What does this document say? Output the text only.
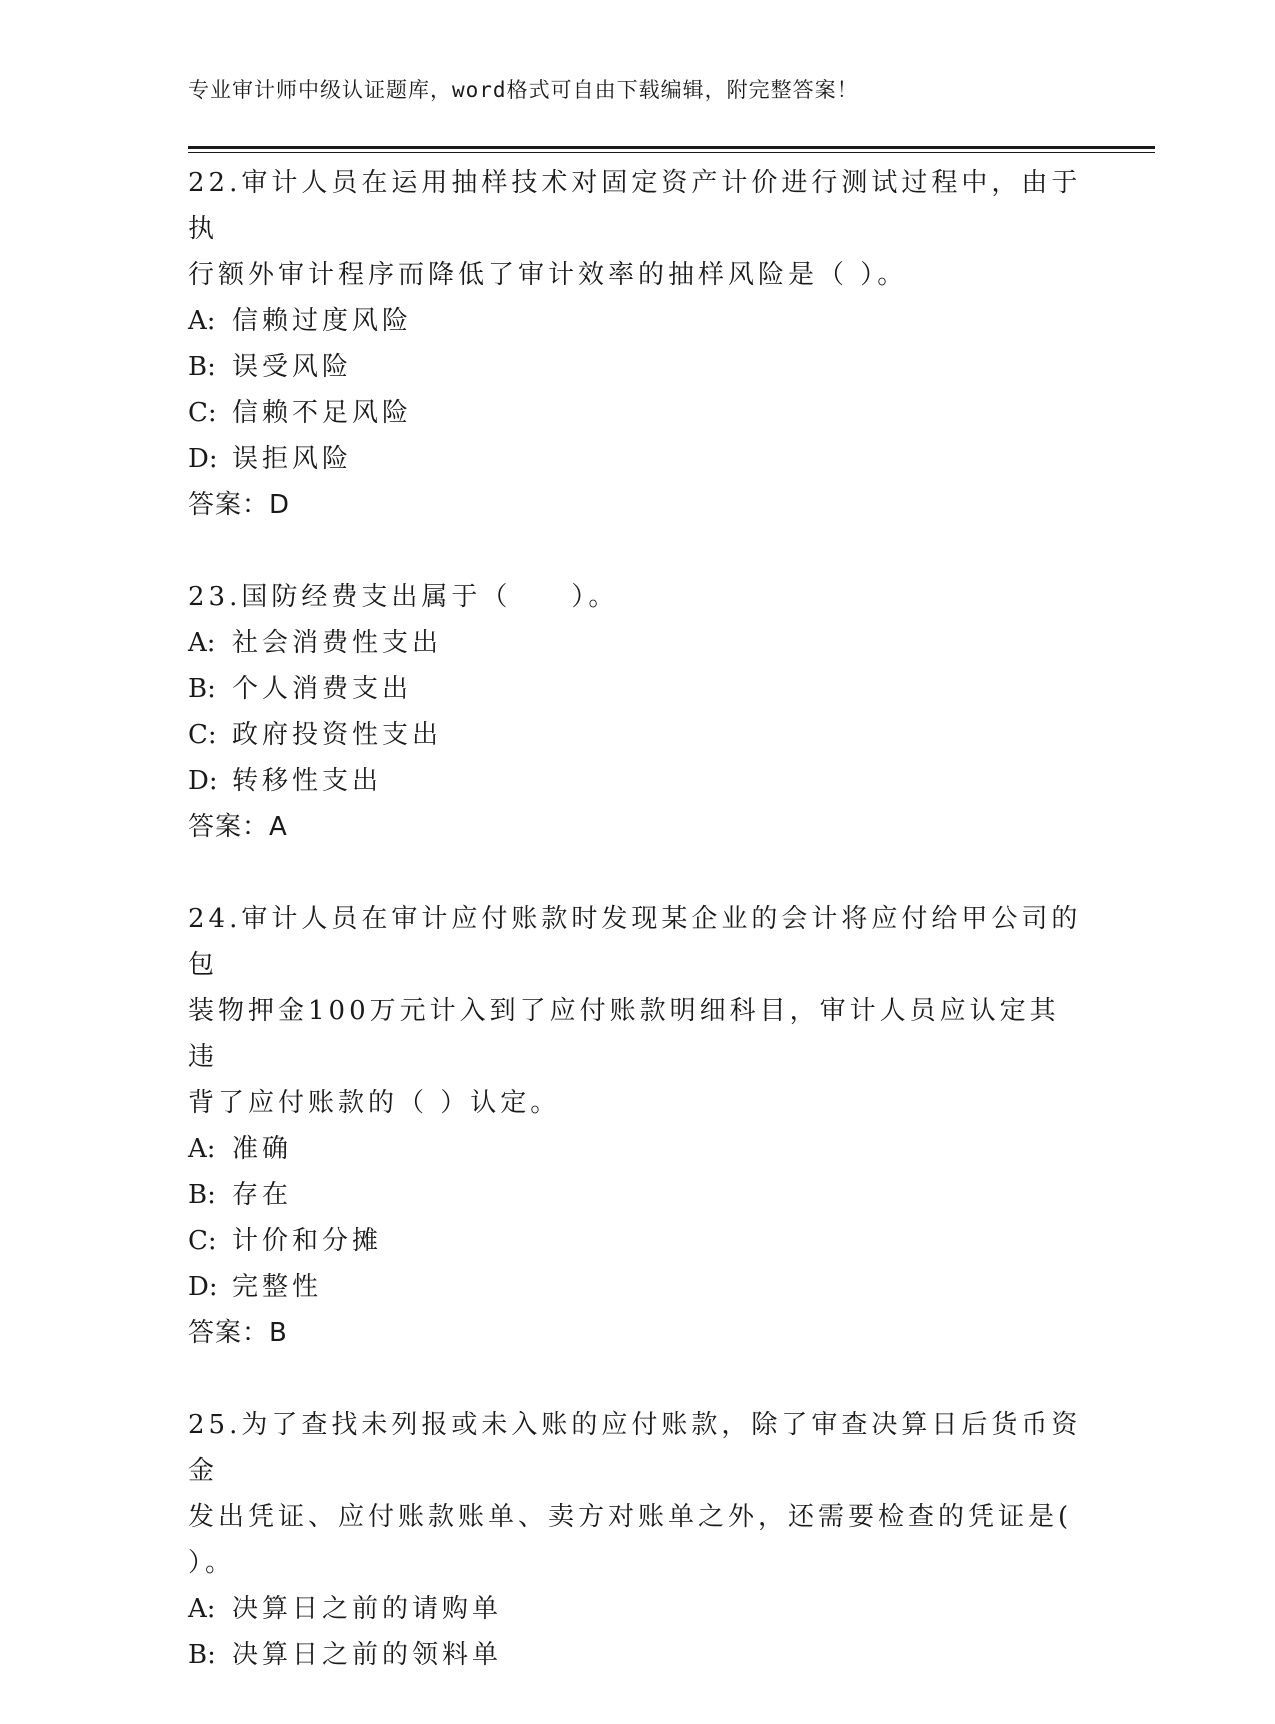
专业审计师中级认证题库，word格式可自由下载编辑，附完整答案！
22.审计人员在运用抽样技术对固定资产计价进行测试过程中，由于执
行额外审计程序而降低了审计效率的抽样风险是（ ）。
A: 信赖过度风险
B: 误受风险
C: 信赖不足风险
D: 误拒风险
答案：D
23.国防经费支出属于（　　）。
A: 社会消费性支出
B: 个人消费支出
C: 政府投资性支出
D: 转移性支出
答案：A
24.审计人员在审计应付账款时发现某企业的会计将应付给甲公司的包
装物押金100万元计入到了应付账款明细科目，审计人员应认定其违
背了应付账款的（ ）认定。
A: 准确
B: 存在
C: 计价和分摊
D: 完整性
答案：B
25.为了查找未列报或未入账的应付账款，除了审查决算日后货币资金
发出凭证、应付账款账单、卖方对账单之外，还需要检查的凭证是(
）。
A: 决算日之前的请购单
B: 决算日之前的领料单
